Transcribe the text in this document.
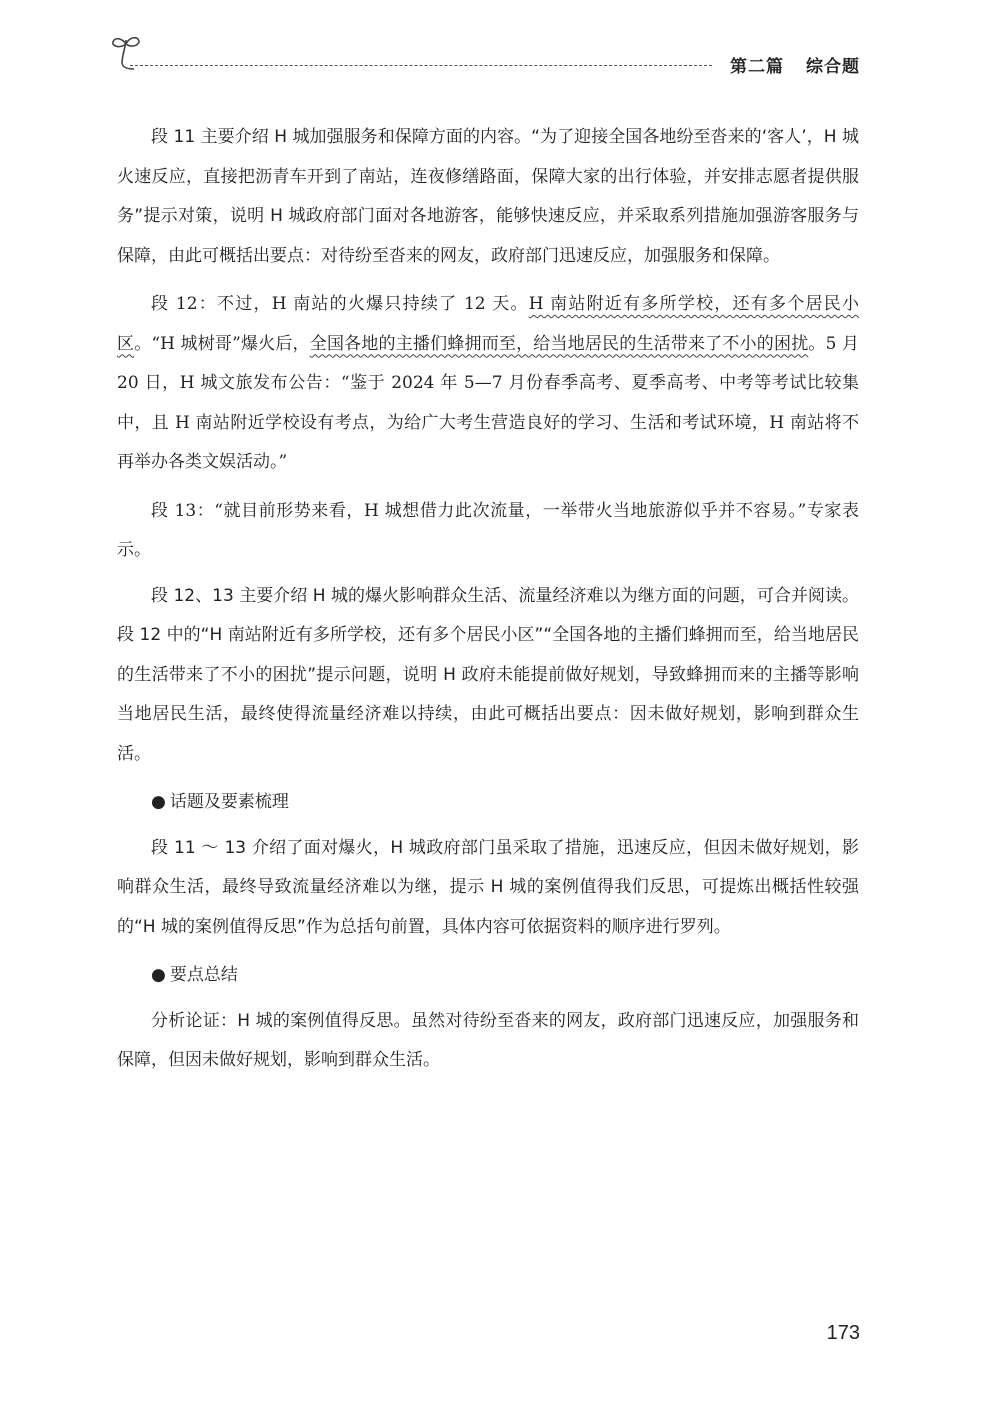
第二篇 综合题

段 11 主要介绍 H 城加强服务和保障方面的内容。“为了迎接全国各地纷至沓来的‘客人’，H 城火速反应，直接把沥青车开到了南站，连夜修缮路面，保障大家的出行体验，并安排志愿者提供服务”提示对策，说明 H 城政府部门面对各地游客，能够快速反应，并采取系列措施加强游客服务与保障，由此可概括出要点：对待纷至沓来的网友，政府部门迅速反应，加强服务和保障。

段 12：不过，H 南站的火爆只持续了 12 天。H 南站附近有多所学校，还有多个居民小区。“H 城树哥”爆火后，全国各地的主播们蜂拥而至，给当地居民的生活带来了不小的困扰。5 月 20 日，H 城文旅发布公告：“鉴于 2024 年 5—7 月份春季高考、夏季高考、中考等考试比较集中，且 H 南站附近学校设有考点，为给广大考生营造良好的学习、生活和考试环境，H 南站将不再举办各类文娱活动。”

段 13：“就目前形势来看，H 城想借力此次流量，一举带火当地旅游似乎并不容易。”专家表示。

段 12、13 主要介绍 H 城的爆火影响群众生活、流量经济难以为继方面的问题，可合并阅读。段 12 中的“H 南站附近有多所学校，还有多个居民小区”“全国各地的主播们蜂拥而至，给当地居民的生活带来了不小的困扰”提示问题，说明 H 政府未能提前做好规划，导致蜂拥而来的主播等影响当地居民生活，最终使得流量经济难以持续，由此可概括出要点：因未做好规划，影响到群众生活。

● 话题及要素梳理

段 11 ～ 13 介绍了面对爆火，H 城政府部门虽采取了措施，迅速反应，但因未做好规划，影响群众生活，最终导致流量经济难以为继，提示 H 城的案例值得我们反思，可提炼出概括性较强的“H 城的案例值得反思”作为总括句前置，具体内容可依据资料的顺序进行罗列。

● 要点总结

分析论证：H 城的案例值得反思。虽然对待纷至沓来的网友，政府部门迅速反应，加强服务和保障，但因未做好规划，影响到群众生活。

173
